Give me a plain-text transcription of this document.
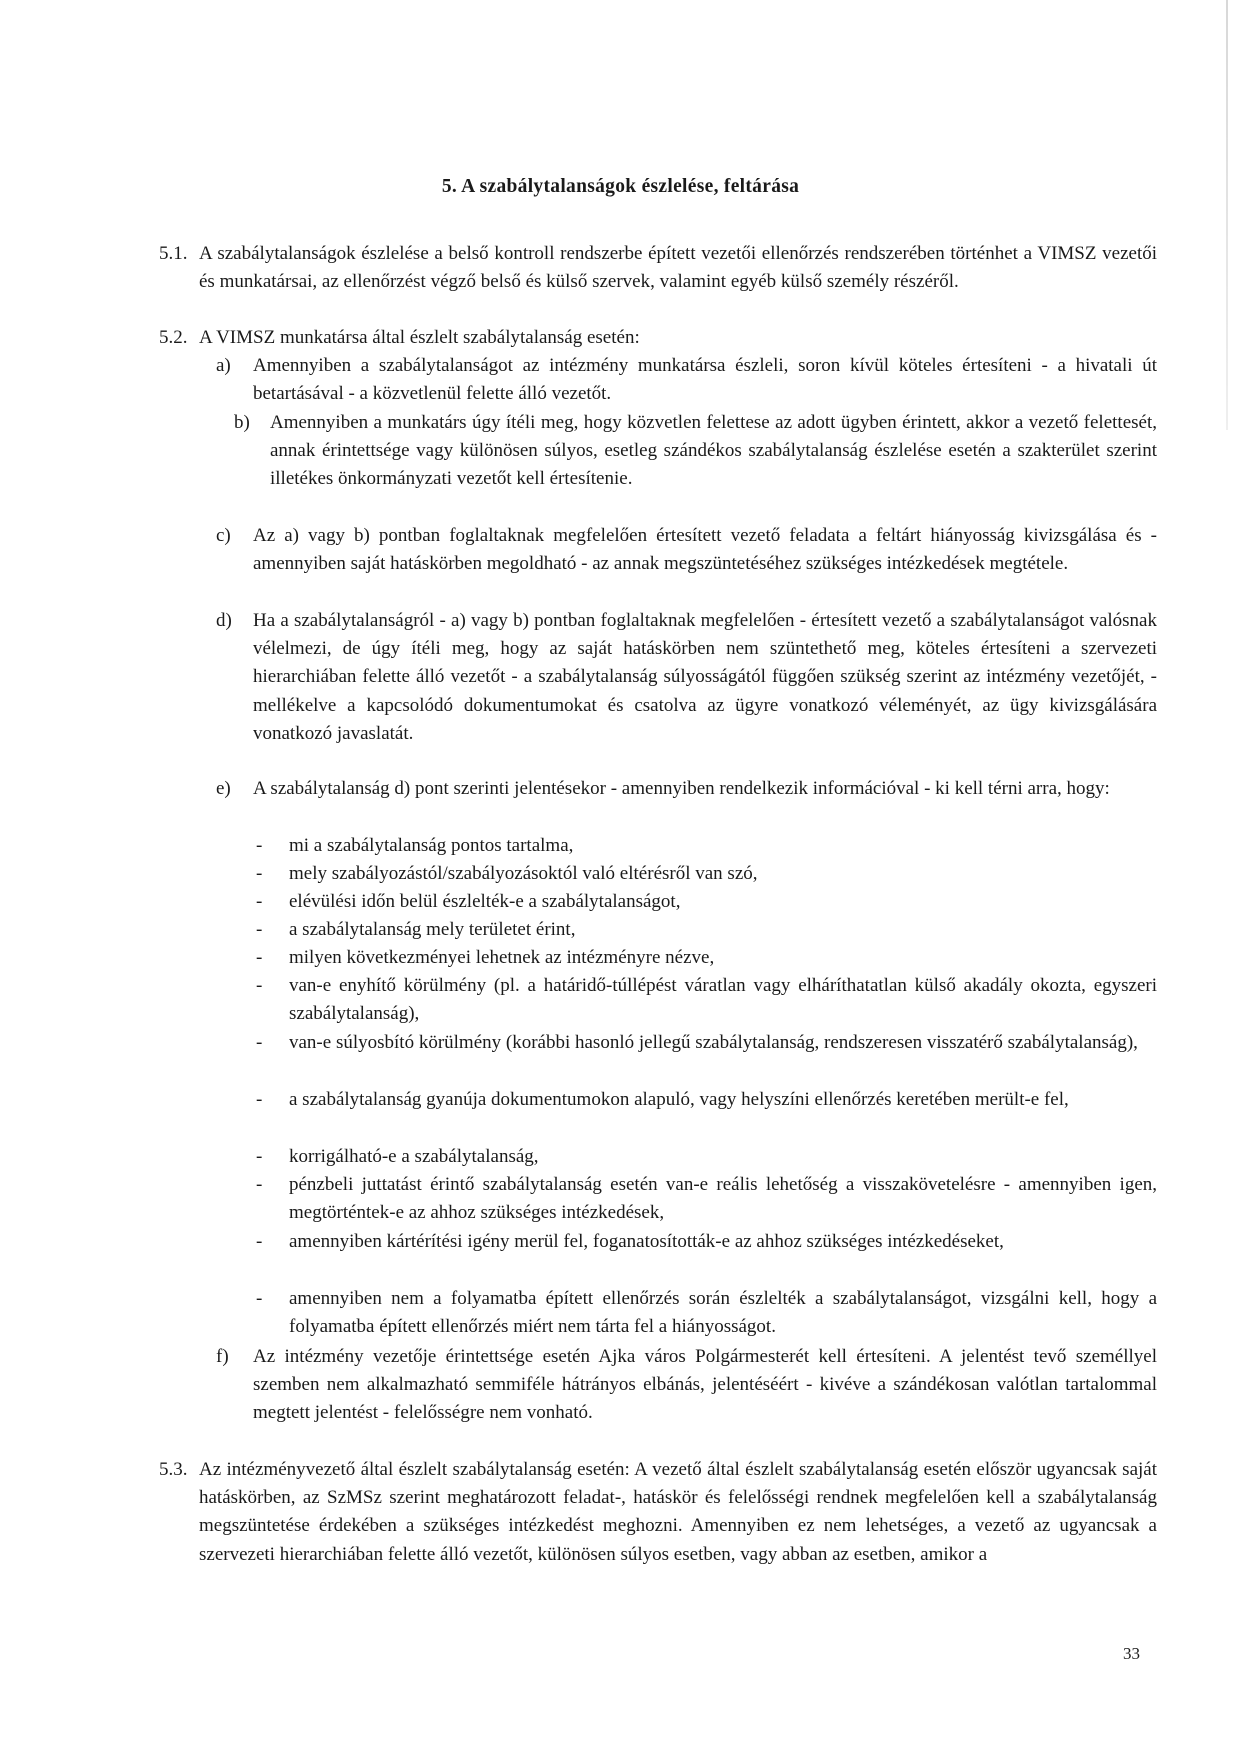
5. A szabálytalanságok észlelése, feltárása
5.1. A szabálytalanságok észlelése a belső kontroll rendszerbe épített vezetői ellenőrzés rendszerében történhet a VIMSZ vezetői és munkatársai, az ellenőrzést végző belső és külső szervek, valamint egyéb külső személy részéről.
5.2. A VIMSZ munkatársa által észlelt szabálytalanság esetén:
a) Amennyiben a szabálytalanságot az intézmény munkatársa észleli, soron kívül köteles értesíteni - a hivatali út betartásával - a közvetlenül felette álló vezetőt.
b) Amennyiben a munkatárs úgy ítéli meg, hogy közvetlen felettese az adott ügyben érintett, akkor a vezető felettesét, annak érintettsége vagy különösen súlyos, esetleg szándékos szabálytalanság észlelése esetén a szakterület szerint illetékes önkormányzati vezetőt kell értesítenie.
c) Az a) vagy b) pontban foglaltaknak megfelelően értesített vezető feladata a feltárt hiányosság kivizsgálása és - amennyiben saját hatáskörben megoldható - az annak megszüntetéséhez szükséges intézkedések megtétele.
d) Ha a szabálytalanságról - a) vagy b) pontban foglaltaknak megfelelően - értesített vezető a szabálytalanságot valósnak vélelmezi, de úgy ítéli meg, hogy az saját hatáskörben nem szüntethető meg, köteles értesíteni a szervezeti hierarchiában felette álló vezetőt - a szabálytalanság súlyosságától függően szükség szerint az intézmény vezetőjét, - mellékelve a kapcsolódó dokumentumokat és csatolva az ügyre vonatkozó véleményét, az ügy kivizsgálására vonatkozó javaslatát.
e) A szabálytalanság d) pont szerinti jelentésekor - amennyiben rendelkezik információval - ki kell térni arra, hogy:
- mi a szabálytalanság pontos tartalma,
- mely szabályozástól/szabályozásoktól való eltérésről van szó,
- elévülési időn belül észlelték-e a szabálytalanságot,
- a szabálytalanság mely területet érint,
- milyen következményei lehetnek az intézményre nézve,
- van-e enyhítő körülmény (pl. a határidő-túllépést váratlan vagy elháríthatatlan külső akadály okozta, egyszeri szabálytalanság),
- van-e súlyosbító körülmény (korábbi hasonló jellegű szabálytalanság, rendszeresen visszatérő szabálytalanság),
- a szabálytalanság gyanúja dokumentumokon alapuló, vagy helyszíni ellenőrzés keretében merült-e fel,
- korrigálható-e a szabálytalanság,
- pénzbeli juttatást érintő szabálytalanság esetén van-e reális lehetőség a visszakövetelésre - amennyiben igen, megtörténtek-e az ahhoz szükséges intézkedések,
- amennyiben kártérítési igény merül fel, foganatosították-e az ahhoz szükséges intézkedéseket,
- amennyiben nem a folyamatba épített ellenőrzés során észlelték a szabálytalanságot, vizsgálni kell, hogy a folyamatba épített ellenőrzés miért nem tárta fel a hiányosságot.
f) Az intézmény vezetője érintettsége esetén Ajka város Polgármesterét kell értesíteni. A jelentést tevő személlyel szemben nem alkalmazható semmiféle hátrányos elbánás, jelentéséért - kivéve a szándékosan valótlan tartalommal megtett jelentést - felelősségre nem vonható.
5.3. Az intézményvezető által észlelt szabálytalanság esetén: A vezető által észlelt szabálytalanság esetén először ugyancsak saját hatáskörben, az SzMSz szerint meghatározott feladat-, hatáskör és felelősségi rendnek megfelelően kell a szabálytalanság megszüntetése érdekében a szükséges intézkedést meghozni. Amennyiben ez nem lehetséges, a vezető az ugyancsak a szervezeti hierarchiában felette álló vezetőt, különösen súlyos esetben, vagy abban az esetben, amikor a
33
